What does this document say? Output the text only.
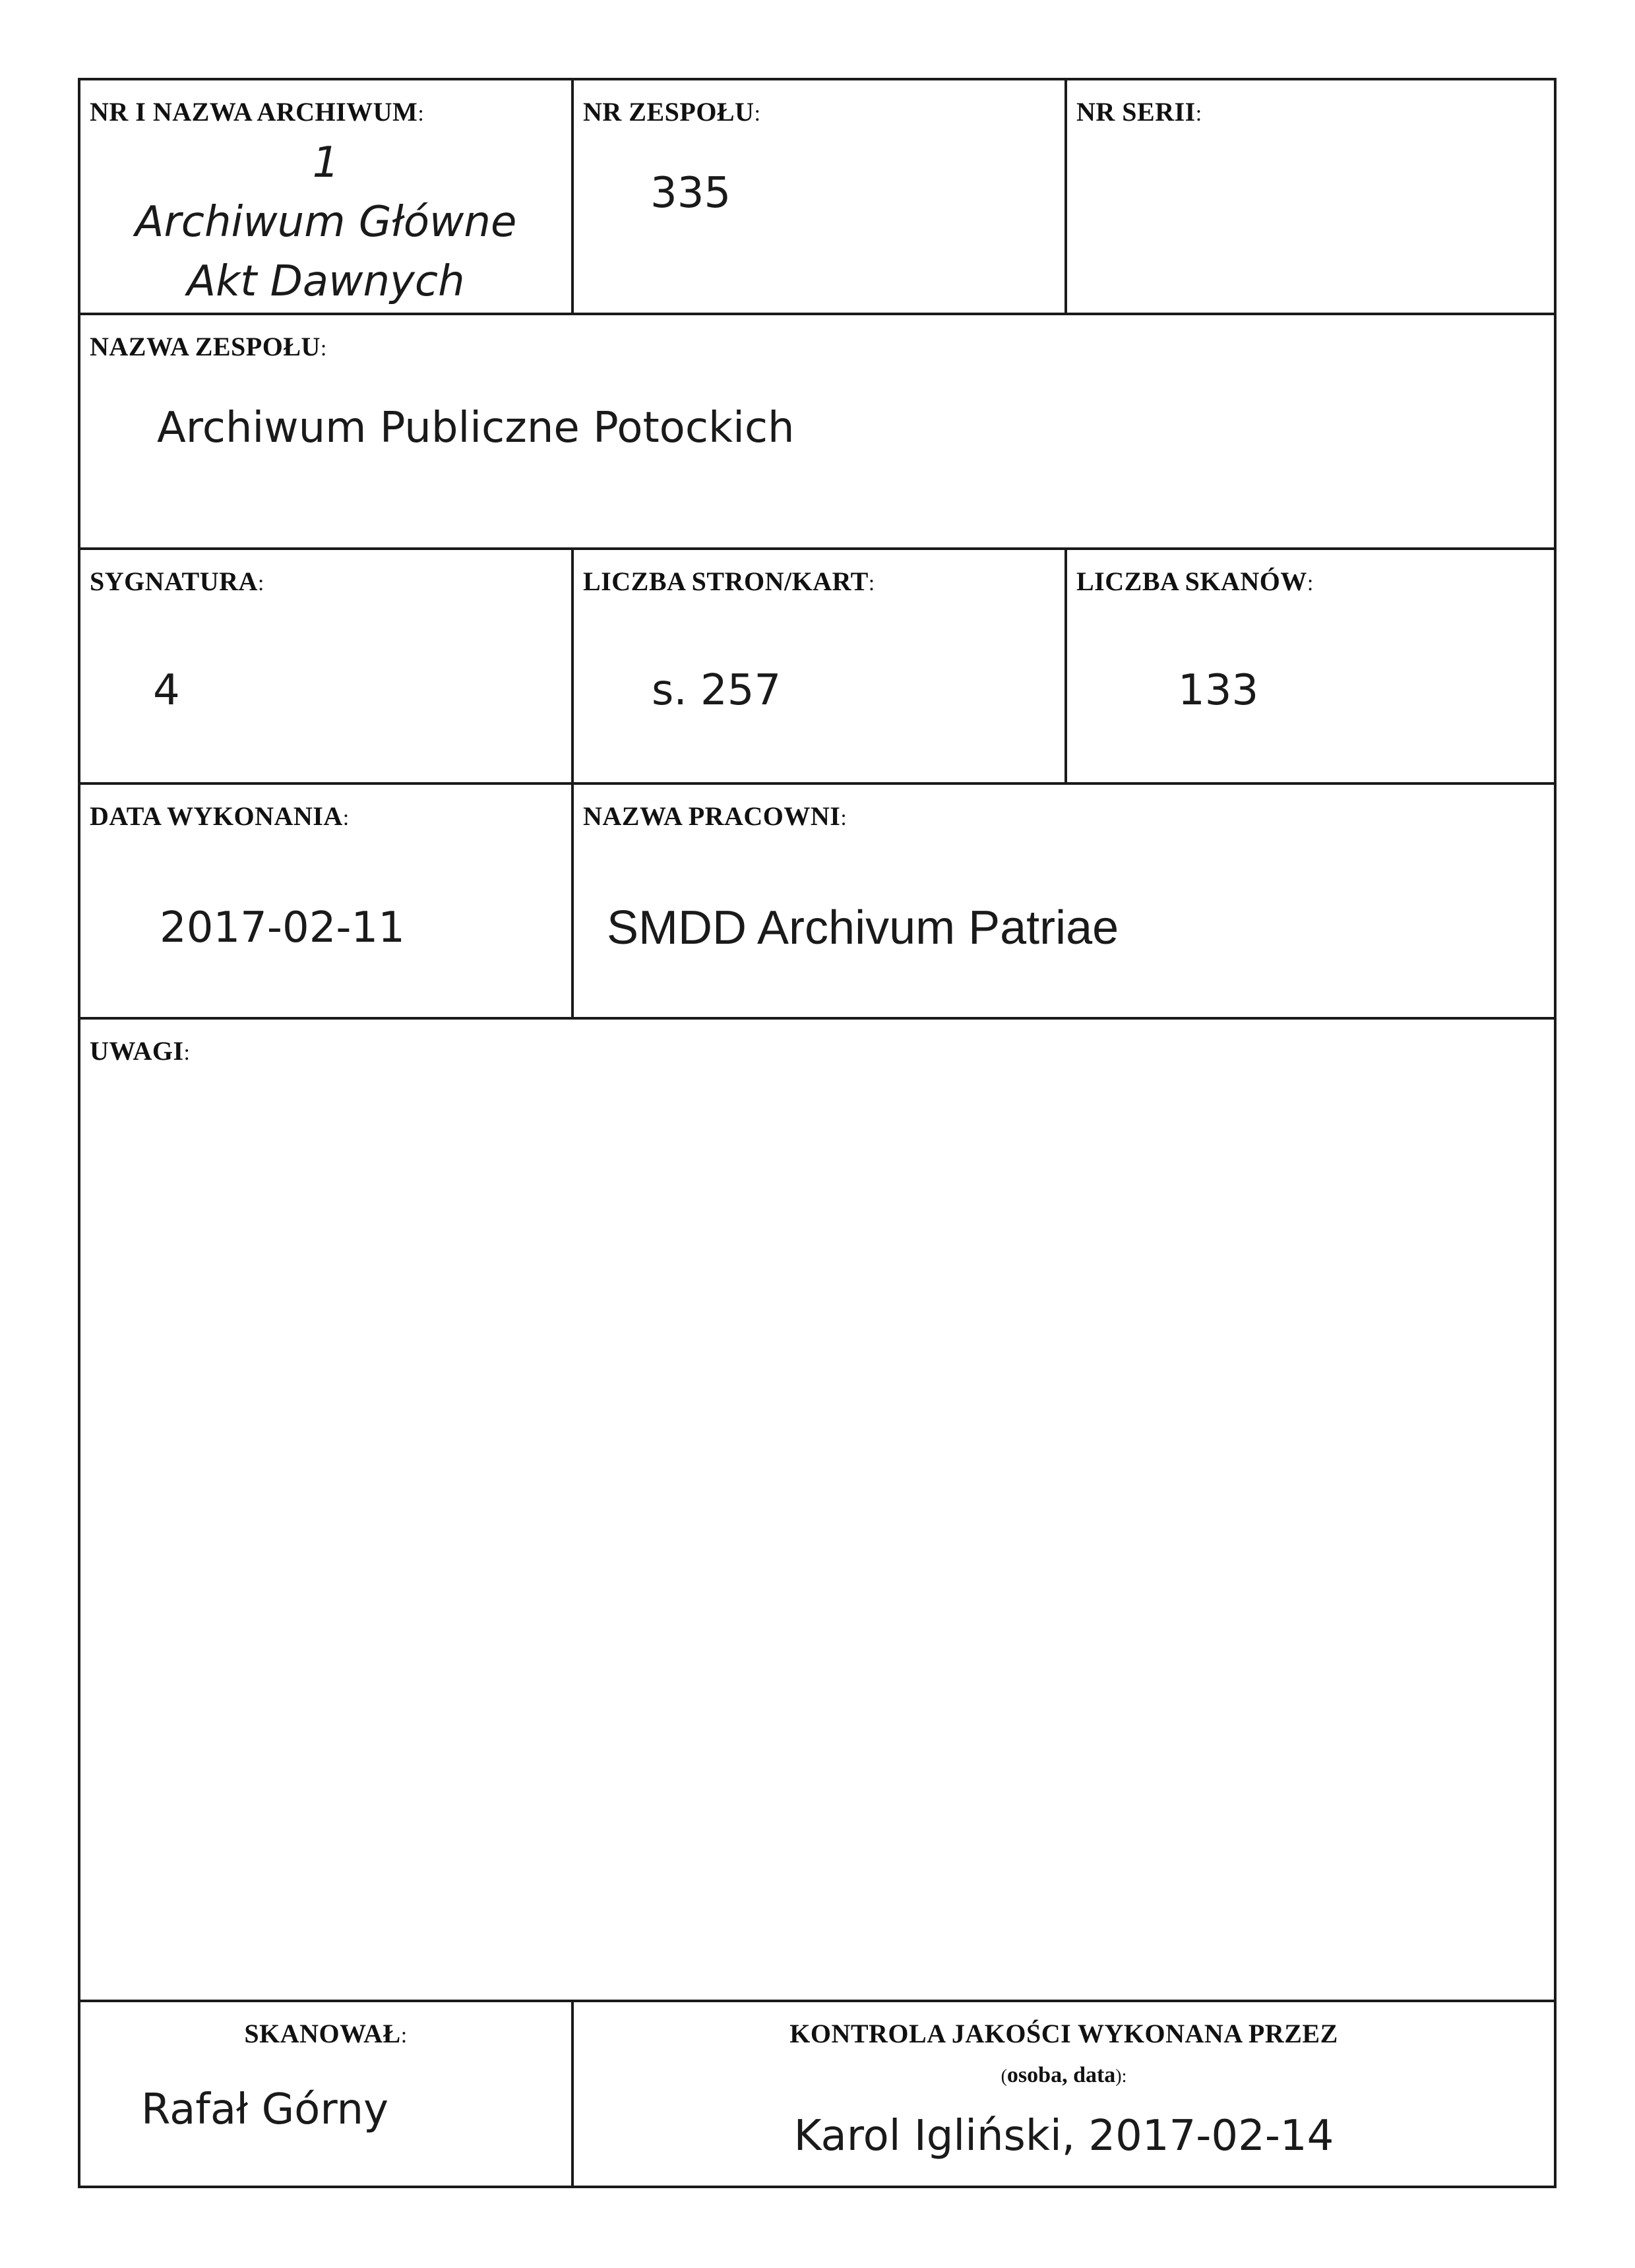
NR I NAZWA ARCHIWUM:
1
Archiwum Główne
Akt Dawnych
NR ZESPOŁU:
335
NR SERII:
NAZWA ZESPOŁU:
Archiwum Publiczne Potockich
SYGNATURA:
4
LICZBA STRON/KART:
s. 257
LICZBA SKANÓW:
133
DATA WYKONANIA:
2017-02-11
NAZWA PRACOWNI:
SMDD Archivum Patriae
UWAGI:
SKANOWAŁ:
Rafał Górny
KONTROLA JAKOŚCI WYKONANA PRZEZ
(osoba, data):
Karol Igliński, 2017-02-14
